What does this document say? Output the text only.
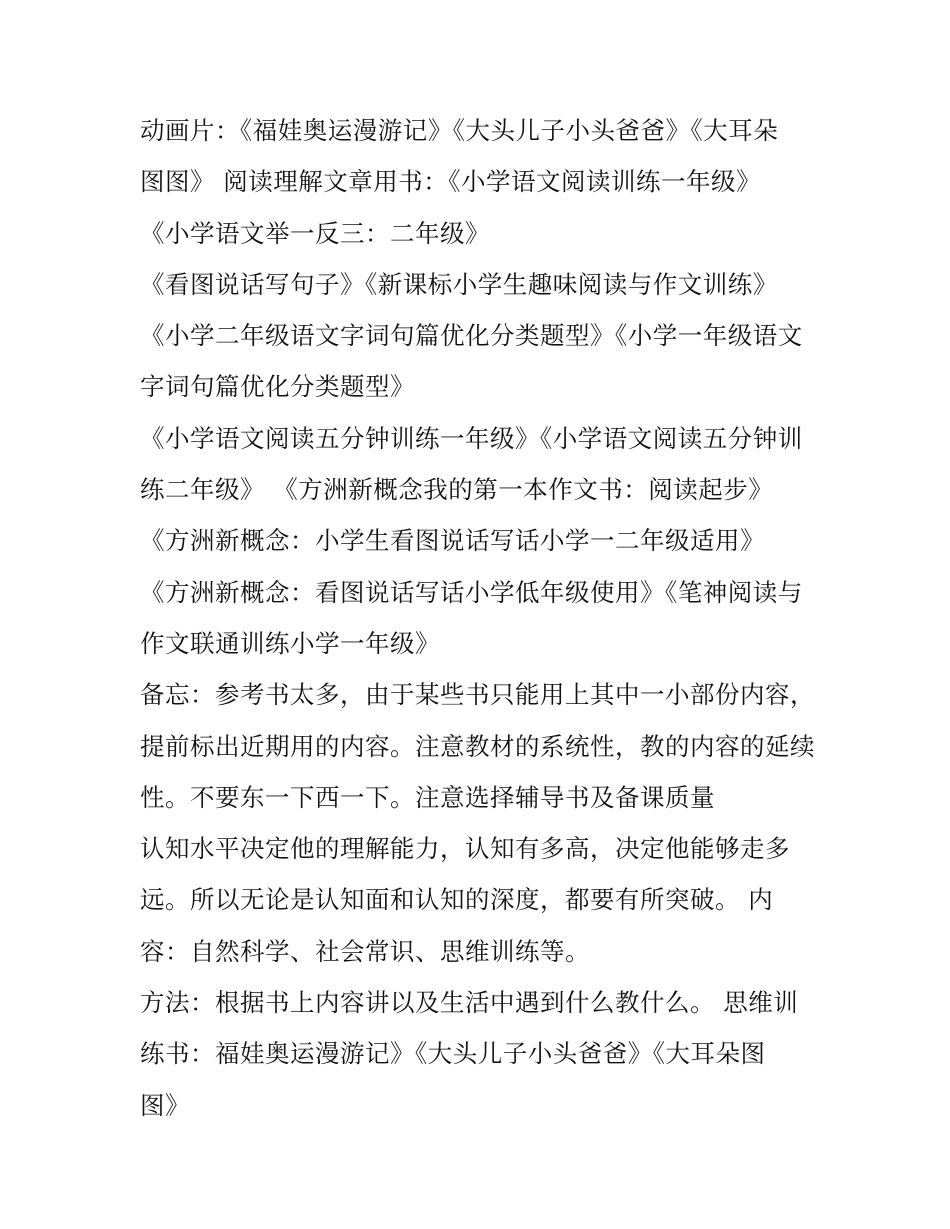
动画片：《福娃奥运漫游记》《大头儿子小头爸爸》《大耳朵
图图》 阅读理解文章用书：《小学语文阅读训练一年级》
《小学语文举一反三：二年级》
《看图说话写句子》《新课标小学生趣味阅读与作文训练》
《小学二年级语文字词句篇优化分类题型》《小学一年级语文
字词句篇优化分类题型》
《小学语文阅读五分钟训练一年级》《小学语文阅读五分钟训
练二年级》 《方洲新概念我的第一本作文书：阅读起步》
《方洲新概念：小学生看图说话写话小学一二年级适用》
《方洲新概念：看图说话写话小学低年级使用》《笔神阅读与
作文联通训练小学一年级》
备忘：参考书太多，由于某些书只能用上其中一小部份内容，
提前标出近期用的内容。注意教材的系统性，教的内容的延续
性。不要东一下西一下。注意选择辅导书及备课质量
认知水平决定他的理解能力，认知有多高，决定他能够走多
远。所以无论是认知面和认知的深度，都要有所突破。 内
容：自然科学、社会常识、思维训练等。
方法：根据书上内容讲以及生活中遇到什么教什么。 思维训
练书：福娃奥运漫游记》《大头儿子小头爸爸》《大耳朵图
图》
